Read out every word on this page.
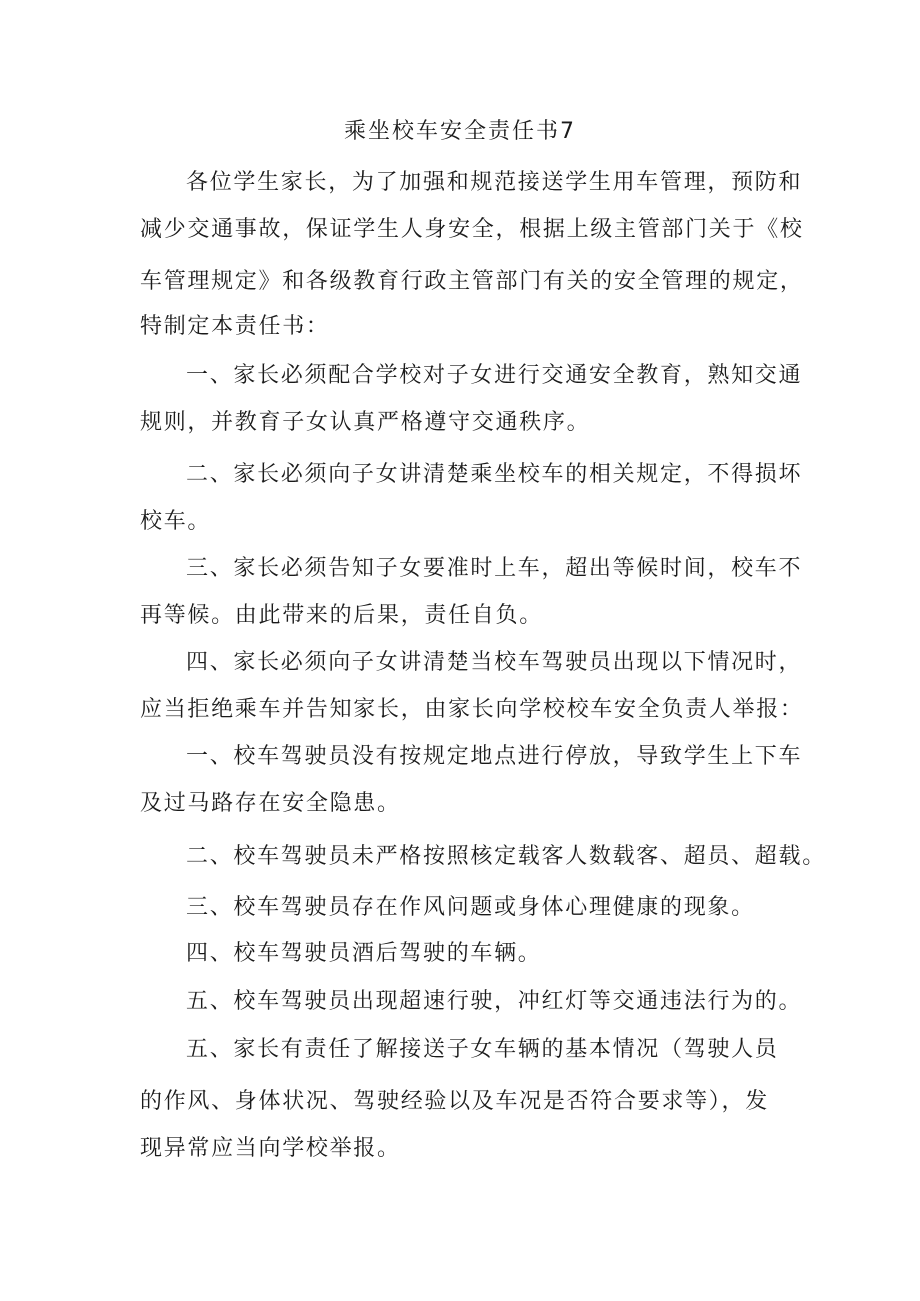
乘坐校车安全责任书7
各位学生家长，为了加强和规范接送学生用车管理，预防和
减少交通事故，保证学生人身安全，根据上级主管部门关于《校
车管理规定》和各级教育行政主管部门有关的安全管理的规定，
特制定本责任书：
一、家长必须配合学校对子女进行交通安全教育，熟知交通
规则，并教育子女认真严格遵守交通秩序。
二、家长必须向子女讲清楚乘坐校车的相关规定，不得损坏
校车。
三、家长必须告知子女要准时上车，超出等候时间，校车不
再等候。由此带来的后果，责任自负。
四、家长必须向子女讲清楚当校车驾驶员出现以下情况时，
应当拒绝乘车并告知家长，由家长向学校校车安全负责人举报：
一、校车驾驶员没有按规定地点进行停放，导致学生上下车
及过马路存在安全隐患。
二、校车驾驶员未严格按照核定载客人数载客、超员、超载。
三、校车驾驶员存在作风问题或身体心理健康的现象。
四、校车驾驶员酒后驾驶的车辆。
五、校车驾驶员出现超速行驶，冲红灯等交通违法行为的。
五、家长有责任了解接送子女车辆的基本情况（驾驶人员
的作风、身体状况、驾驶经验以及车况是否符合要求等），发
现异常应当向学校举报。
